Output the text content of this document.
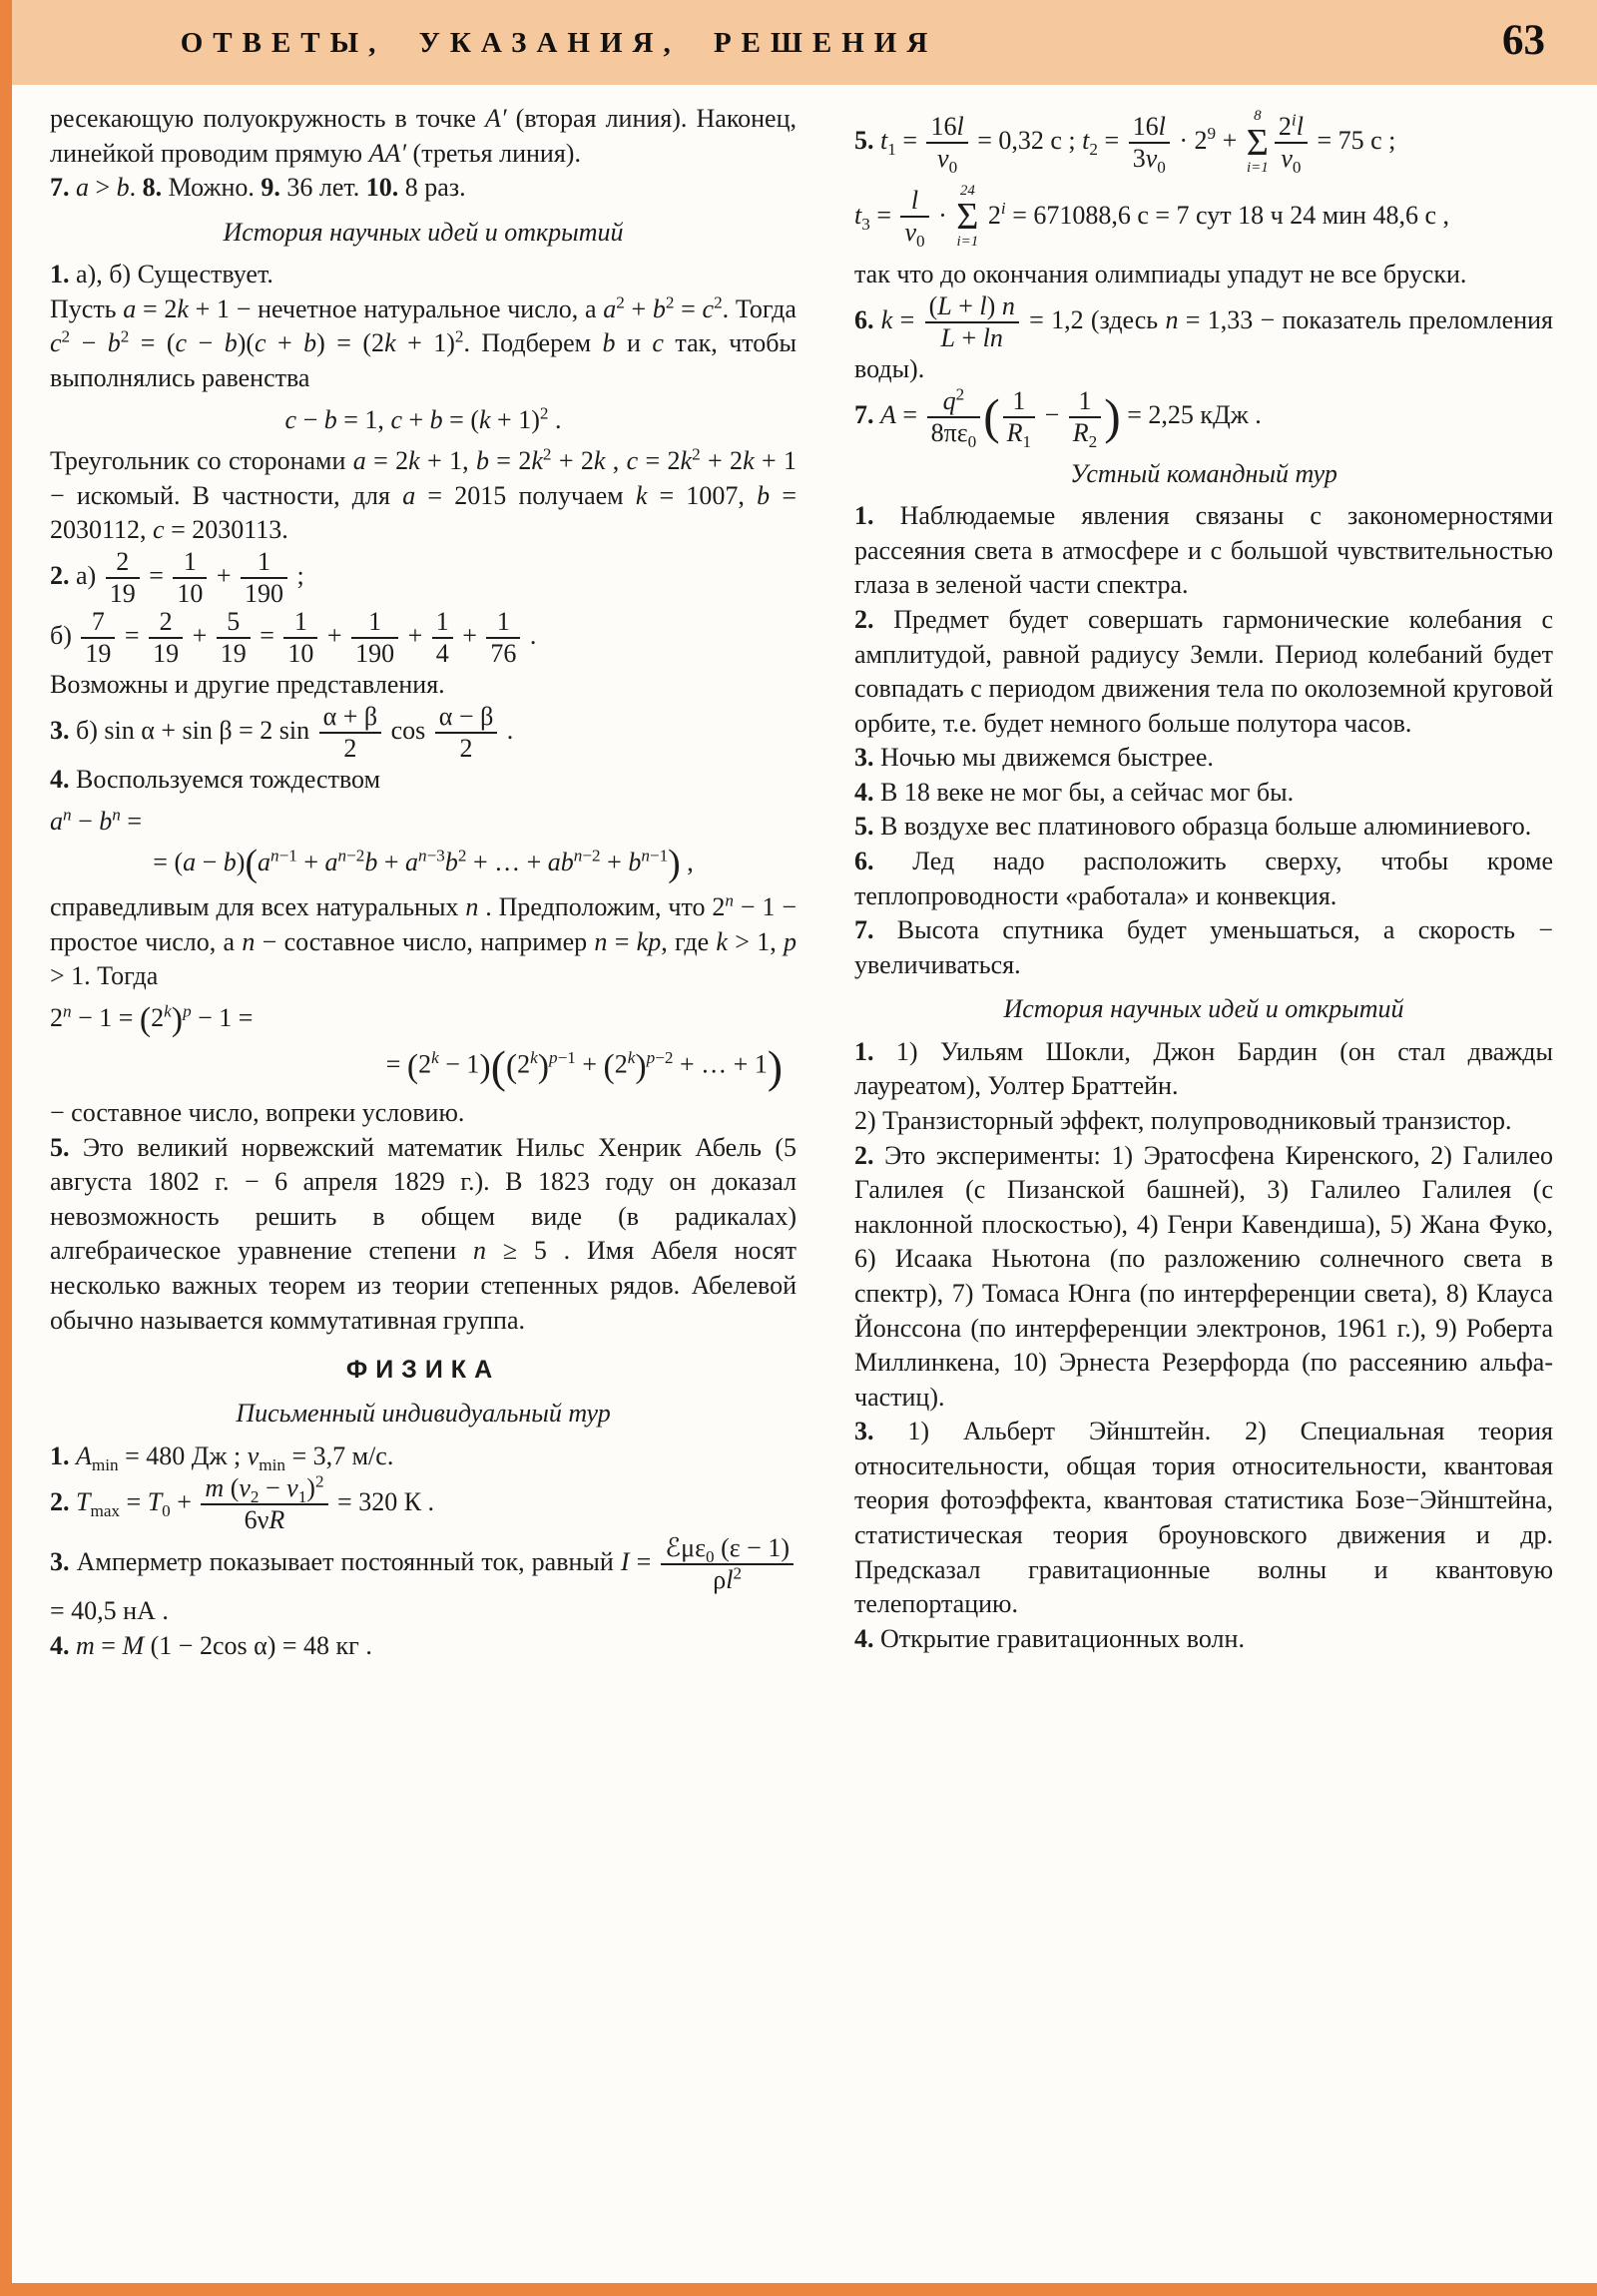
ОТВЕТЫ, УКАЗАНИЯ, РЕШЕНИЯ	63
ресекающую полуокружность в точке A′ (вторая линия). Наконец, линейкой проводим прямую AA′ (третья линия).
7. a > b. 8. Можно. 9. 36 лет. 10. 8 раз.
История научных идей и открытий
1. а), б) Существует.
Пусть a = 2k + 1 − нечетное натуральное число, а $a^2 + b^2 = c^2$. Тогда $c^2 - b^2 = (c - b)(c + b) = (2k + 1)^2$. Подберем b и c так, чтобы выполнялись равенства
c − b = 1, $c + b = (k + 1)^2$ .
Треугольник со сторонами a = 2k + 1, $b = 2k^2 + 2k$ , $c = 2k^2 + 2k + 1$ − искомый. В частности, для a = 2015 получаем k = 1007, b = 2030112, c = 2030113.
2. $а) \frac{2}{19} = \frac{1}{10} + \frac{1}{190}$ ;
$б) \frac{7}{19} = \frac{2}{19} + \frac{5}{19} = \frac{1}{10} + \frac{1}{190} + \frac{1}{4} + \frac{1}{76}$ .
Возможны и другие представления.
3. б) sin α + sin β = 2 $\sin \frac{\alpha + \beta}{2}$ $\cos \frac{\alpha - \beta}{2}$ .
4. Воспользуемся тождеством
$a^n - b^n$ =
= $(a - b)(a^{n-1} + a^{n-2}b + a^{n-3}b^2$ + … + $ab^{n-2} + b^{n-1}$) ,
справедливым для всех натуральных n . Предположим, что $2^n - 1$ − простое число, а n − составное число, например n = kp, где k > 1, p > 1. Тогда
$2^n - 1 = (2^k)^p - 1$ =
= $(2^k - 1)((2^k)^{p-1} + (2^k)^{p-2}$ + … + 1)
− составное число, вопреки условию.
5. Это великий норвежский математик Нильс Хенрик Абель (5 августа 1802 г. − 6 апреля 1829 г.). В 1823 году он доказал невозможность решить в общем виде (в радикалах) алгебраическое уравнение степени n ≥ 5 . Имя Абеля носят несколько важных теорем из теории степенных рядов. Абелевой обычно называется коммутативная группа.
ФИЗИКА
Письменный индивидуальный тур
1. $A_{min} = 480$ Дж ; $v_{min} = 3,7$ м/с.
2. $T_{max} = T_0 + \frac{m (v_2 - v_1)^2}{6\nu R} = 320$ К .
3. Амперметр показывает постоянный ток, равный $I = \frac{ℰ\mu\varepsilon_0 (\varepsilon - 1)}{\rho l^2}$
= 40,5 нА .
4. m = M (1 − 2cos α) = 48 кг .
5. $t_1 = \frac{16l}{v_0} = 0,32$ с ; $t_2 = \frac{16l}{3v_0} \cdot 2^9$ +
8
Σ
$i=1 \frac{2^il}{v_0} = 75$ с ;
$t_3 = \frac{l}{v_0}$ ·
24
Σ
i=1
$2^i = 671088,6$ с = 7 сут 18 ч 24 мин 48,6 с ,
так что до окончания олимпиады упадут не все бруски.
6. $k = \frac{(L + l) n}{L + \ln} = 1,2$ (здесь n = 1,33 − показатель преломления воды).
7. $A = \frac{q^2}{8\pi\varepsilon_0}$ ( $\frac{1}{R_1} - \frac{1}{R_2}$ ) = 2,25 кДж .
Устный командный тур
1. Наблюдаемые явления связаны с закономерностями рассеяния света в атмосфере и с большой чувствительностью глаза в зеленой части спектра.
2. Предмет будет совершать гармонические колебания с амплитудой, равной радиусу Земли. Период колебаний будет совпадать с периодом движения тела по околоземной круговой орбите, т.е. будет немного больше полутора часов.
3. Ночью мы движемся быстрее.
4. В 18 веке не мог бы, а сейчас мог бы.
5. В воздухе вес платинового образца больше алюминиевого.
6. Лед надо расположить сверху, чтобы кроме теплопроводности «работала» и конвекция.
7. Высота спутника будет уменьшаться, а скорость − увеличиваться.
История научных идей и открытий
1. 1) Уильям Шокли, Джон Бардин (он стал дважды лауреатом), Уолтер Браттейн.
2) Транзисторный эффект, полупроводниковый транзистор.
2. Это эксперименты: 1) Эратосфена Киренского, 2) Галилео Галилея (с Пизанской башней), 3) Галилео Галилея (с наклонной плоскостью), 4) Генри Кавендиша), 5) Жана Фуко, 6) Исаака Ньютона (по разложению солнечного света в спектр), 7) Томаса Юнга (по интерференции света), 8) Клауса Йонссона (по интерференции электронов, 1961 г.), 9) Роберта Миллинкена, 10) Эрнеста Резерфорда (по рассеянию альфа-частиц).
3. 1) Альберт Эйнштейн. 2) Специальная теория относительности, общая тория относительности, квантовая теория фотоэффекта, квантовая статистика Бозе−Эйнштейна, статистическая теория броуновского движения и др. Предсказал гравитационные волны и квантовую телепортацию.
4. Открытие гравитационных волн.
